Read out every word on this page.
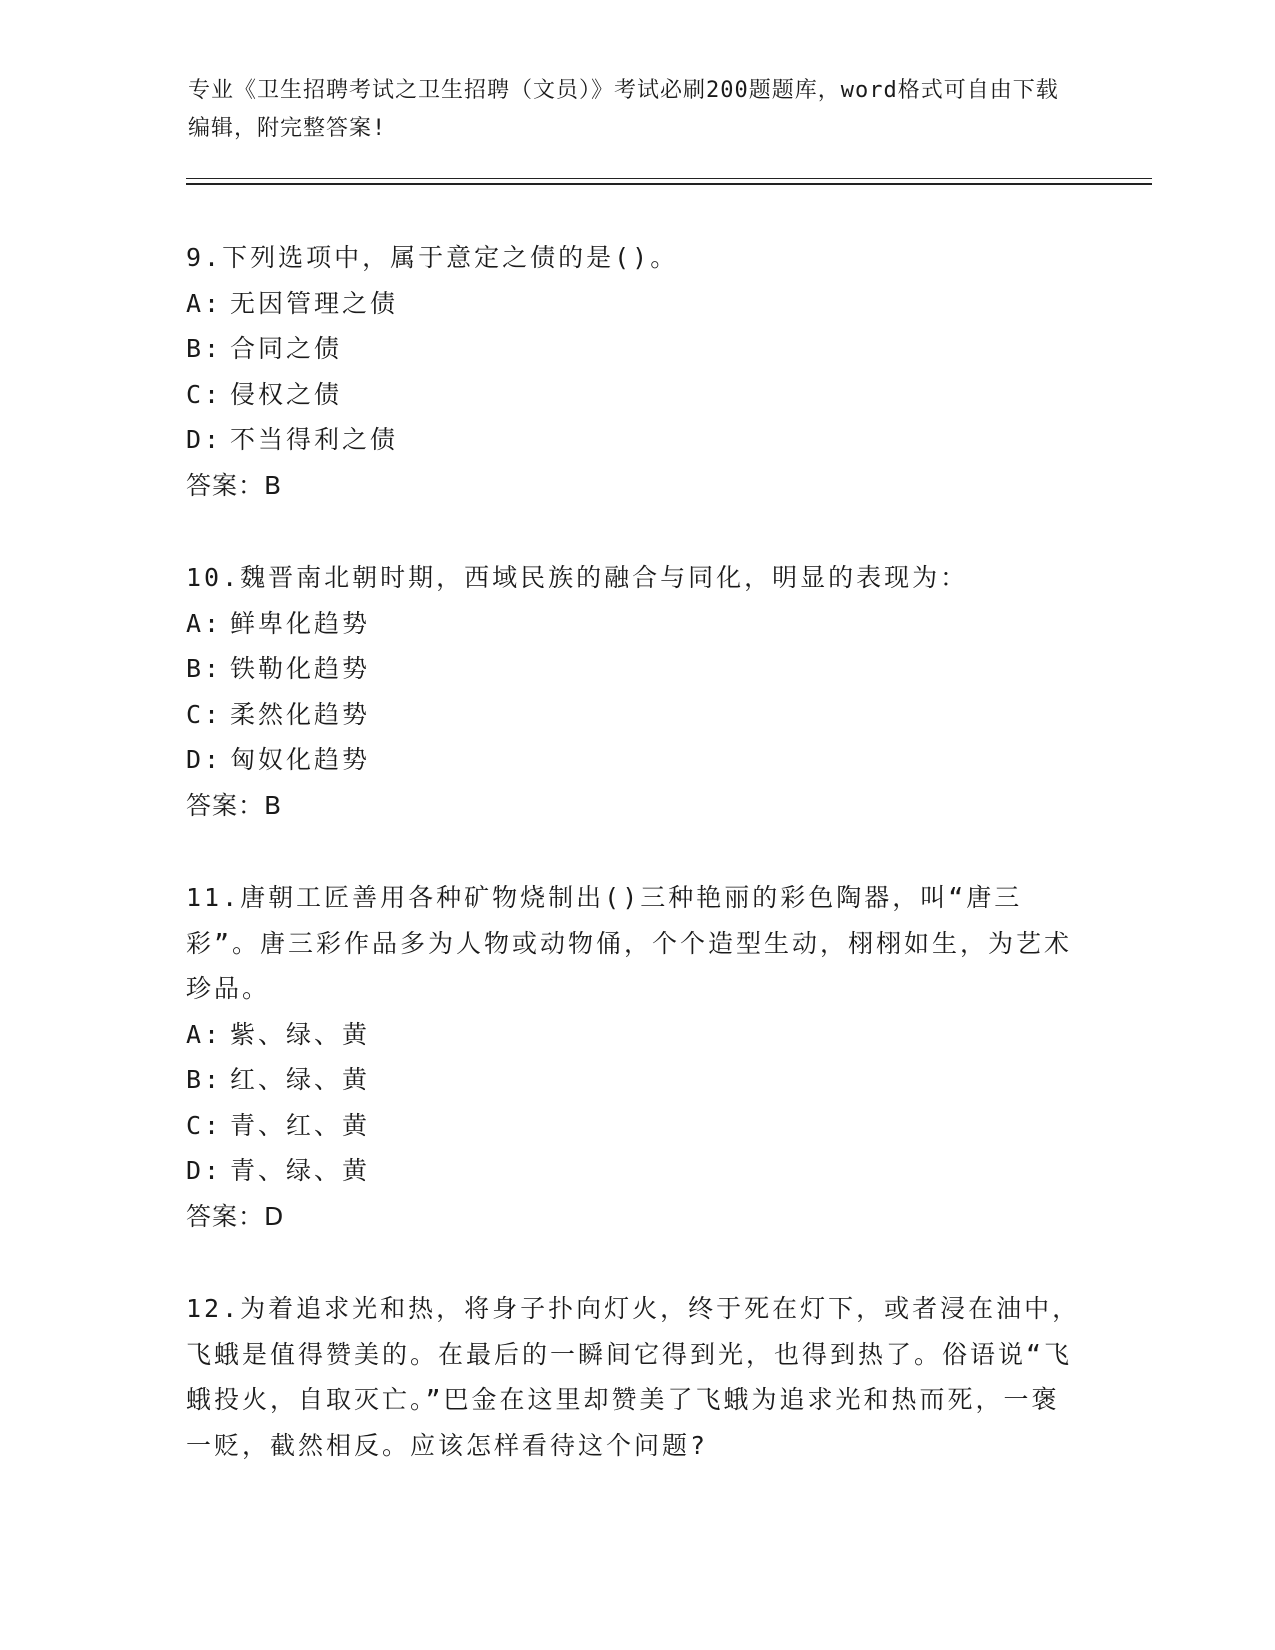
专业《卫生招聘考试之卫生招聘（文员）》考试必刷200题题库，word格式可自由下载编辑，附完整答案!
9.下列选项中，属于意定之债的是()。
A: 无因管理之债
B: 合同之债
C: 侵权之债
D: 不当得利之债
答案：B
10.魏晋南北朝时期，西域民族的融合与同化，明显的表现为：
A: 鲜卑化趋势
B: 铁勒化趋势
C: 柔然化趋势
D: 匈奴化趋势
答案：B
11.唐朝工匠善用各种矿物烧制出()三种艳丽的彩色陶器，叫“唐三彩”。唐三彩作品多为人物或动物俑，个个造型生动，栩栩如生，为艺术珍品。
A: 紫、绿、黄
B: 红、绿、黄
C: 青、红、黄
D: 青、绿、黄
答案：D
12.为着追求光和热，将身子扑向灯火，终于死在灯下，或者浸在油中，飞蛾是值得赞美的。在最后的一瞬间它得到光，也得到热了。俗语说“飞蛾投火，自取灭亡。”巴金在这里却赞美了飞蛾为追求光和热而死，一褒一贬，截然相反。应该怎样看待这个问题?
